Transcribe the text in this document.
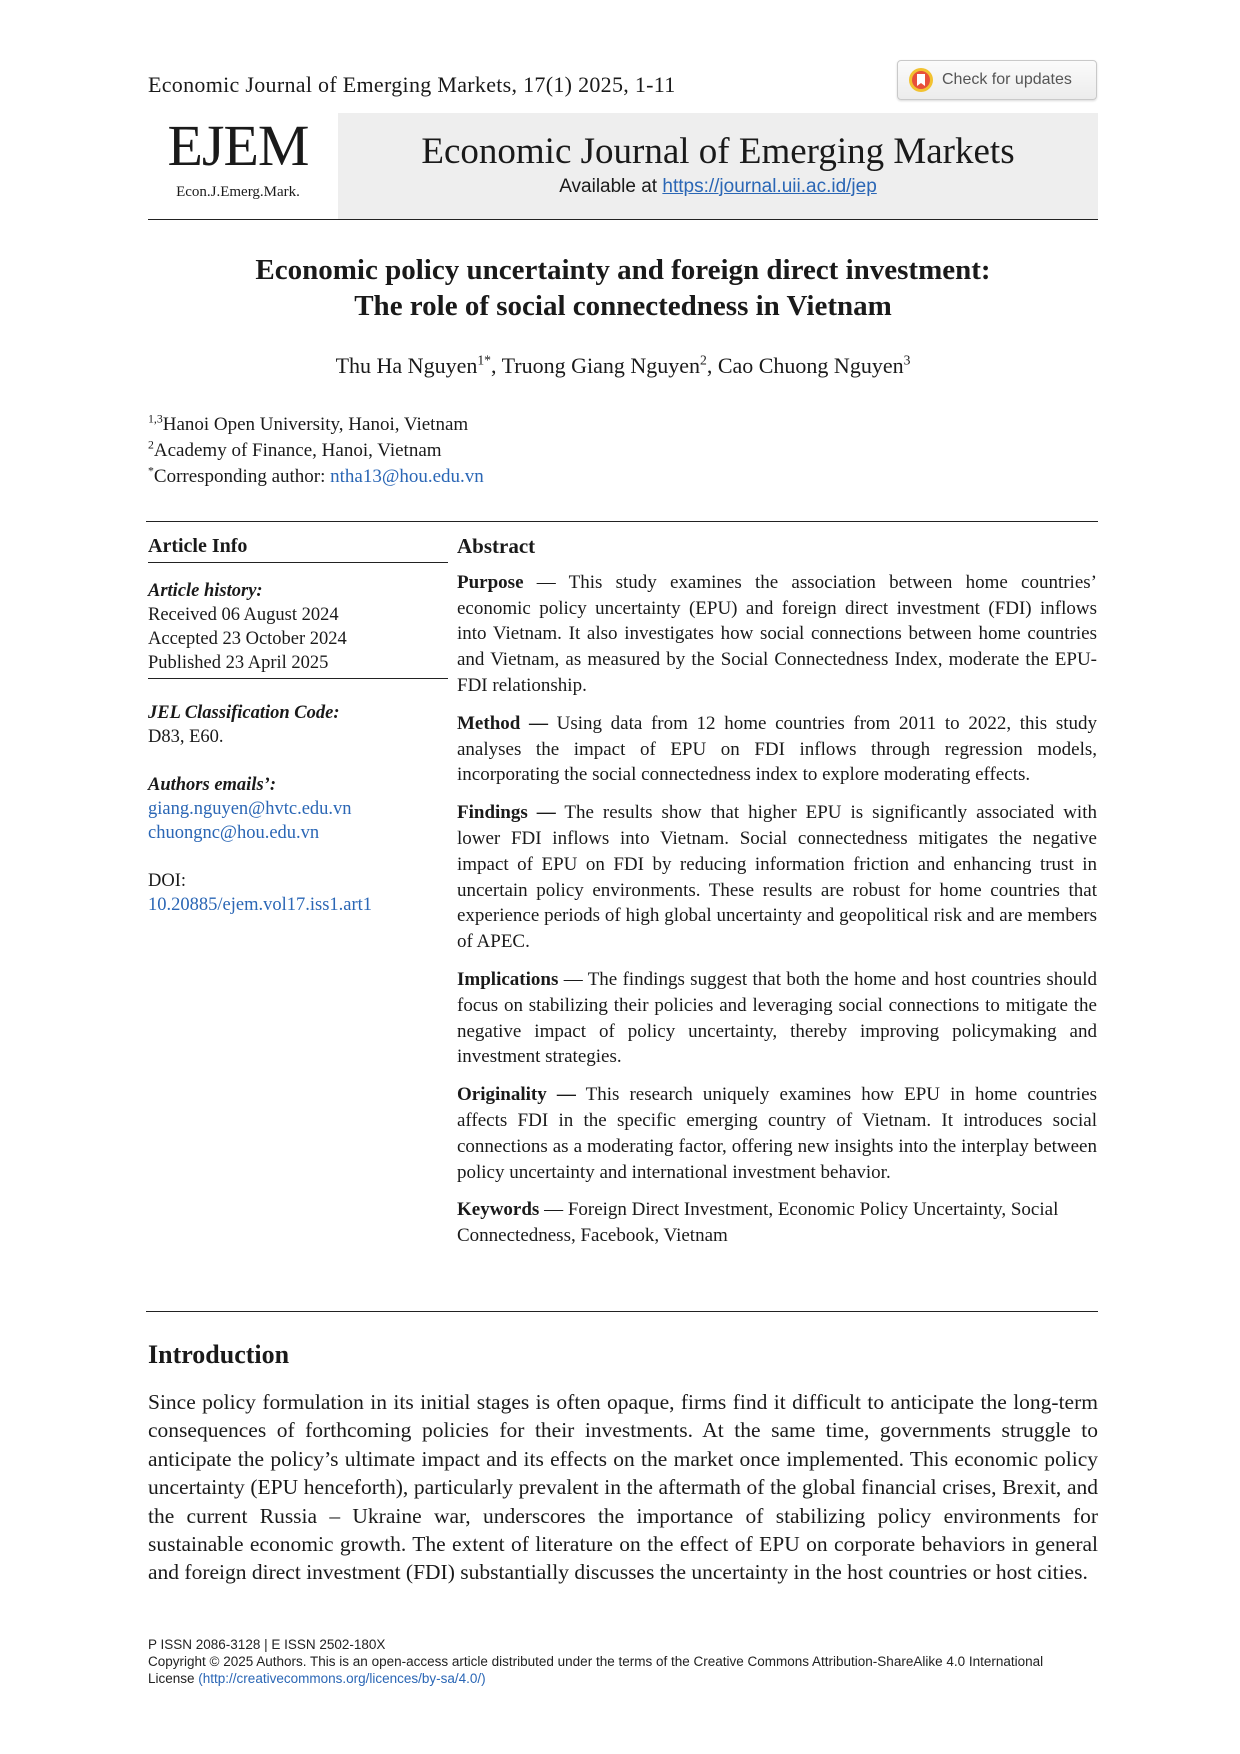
Economic Journal of Emerging Markets, 17(1) 2025, 1-11	Check for updates
EJEM
Econ.J.Emerg.Mark.
Economic Journal of Emerging Markets
Available at https://journal.uii.ac.id/jep
Economic policy uncertainty and foreign direct investment:
The role of social connectedness in Vietnam
Thu Ha Nguyen$^{1*}$, Truong Giang Nguyen$^2$, Cao Chuong Nguyen$^3$
$^{1,3}$Hanoi Open University, Hanoi, Vietnam
$^2$Academy of Finance, Hanoi, Vietnam
*Corresponding author: ntha13@hou.edu.vn
Article Info
Article history:
Received 06 August 2024
Accepted 23 October 2024
Published 23 April 2025
JEL Classification Code:
D83, E60.
Authors emails’:
giang.nguyen@hvtc.edu.vn
chuongnc@hou.edu.vn
DOI:
10.20885/ejem.vol17.iss1.art1
Abstract

Purpose — This study examines the association between home countries’ economic policy uncertainty (EPU) and foreign direct investment (FDI) inflows into Vietnam. It also investigates how social connections between home countries and Vietnam, as measured by the Social Connectedness Index, moderate the EPU-FDI relationship.

Method — Using data from 12 home countries from 2011 to 2022, this study analyses the impact of EPU on FDI inflows through regression models, incorporating the social connectedness index to explore moderating effects.

Findings — The results show that higher EPU is significantly associated with lower FDI inflows into Vietnam. Social connectedness mitigates the negative impact of EPU on FDI by reducing information friction and enhancing trust in uncertain policy environments. These results are robust for home countries that experience periods of high global uncertainty and geopolitical risk and are members of APEC.

Implications — The findings suggest that both the home and host countries should focus on stabilizing their policies and leveraging social connections to mitigate the negative impact of policy uncertainty, thereby improving policymaking and investment strategies.

Originality — This research uniquely examines how EPU in home countries affects FDI in the specific emerging country of Vietnam. It introduces social connections as a moderating factor, offering new insights into the interplay between policy uncertainty and international investment behavior.

Keywords — Foreign Direct Investment, Economic Policy Uncertainty, Social Connectedness, Facebook, Vietnam

Introduction

Since policy formulation in its initial stages is often opaque, firms find it difficult to anticipate the long-term consequences of forthcoming policies for their investments. At the same time, governments struggle to anticipate the policy’s ultimate impact and its effects on the market once implemented. This economic policy uncertainty (EPU henceforth), particularly prevalent in the aftermath of the global financial crises, Brexit, and the current Russia – Ukraine war, underscores the importance of stabilizing policy environments for sustainable economic growth. The extent of literature on the effect of EPU on corporate behaviors in general and foreign direct investment (FDI) substantially discusses the uncertainty in the host countries or host cities.

P ISSN 2086-3128 | E ISSN 2502-180X
Copyright © 2025 Authors. This is an open-access article distributed under the terms of the Creative Commons Attribution-ShareAlike 4.0 International
License (http://creativecommons.org/licences/by-sa/4.0/)
